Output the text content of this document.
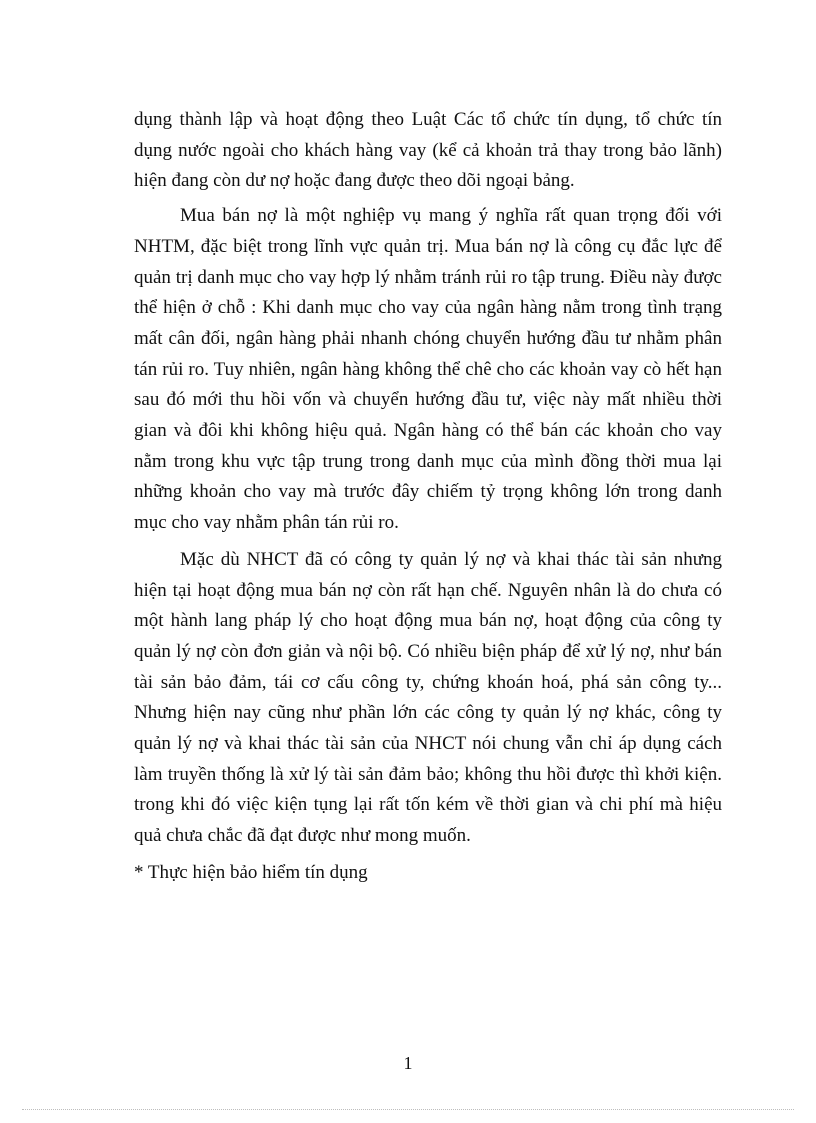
dụng thành lập và hoạt động theo Luật Các tổ chức tín dụng, tổ chức tín dụng nước ngoài cho khách hàng vay (kể cả khoản trả thay trong bảo lãnh) hiện đang còn dư nợ hoặc đang được theo dõi ngoại bảng.

Mua bán nợ là một nghiệp vụ mang ý nghĩa rất quan trọng đối với NHTM, đặc biệt trong lĩnh vực quản trị. Mua bán nợ là công cụ đắc lực để quản trị danh mục cho vay hợp lý nhằm tránh rủi ro tập trung. Điều này được thể hiện ở chỗ : Khi danh mục cho vay của ngân hàng nằm trong tình trạng mất cân đối, ngân hàng phải nhanh chóng chuyển hướng đầu tư nhằm phân tán rủi ro. Tuy nhiên, ngân hàng không thể chê cho các khoản vay cò hết hạn sau đó mới thu hồi vốn và chuyển hướng đầu tư, việc này mất nhiều thời gian và đôi khi không hiệu quả. Ngân hàng có thể bán các khoản cho vay nằm trong khu vực tập trung trong danh mục của mình đồng thời mua lại những khoản cho vay mà trước đây chiếm tỷ trọng không lớn trong danh mục cho vay nhằm phân tán rủi ro.

Mặc dù NHCT đã có công ty quản lý nợ và khai thác tài sản nhưng hiện tại hoạt động mua bán nợ còn rất hạn chế. Nguyên nhân là do chưa có một hành lang pháp lý cho hoạt động mua bán nợ, hoạt động của công ty quản lý nợ còn đơn giản và nội bộ. Có nhiều biện pháp để xử lý nợ, như bán tài sản bảo đảm, tái cơ cấu công ty, chứng khoán hoá, phá sản công ty... Nhưng hiện nay cũng như phần lớn các công ty quản lý nợ khác, công ty quản lý nợ và khai thác tài sản của NHCT nói chung vẫn chỉ áp dụng cách làm truyền thống là xử lý tài sản đảm bảo; không thu hồi được thì khởi kiện. trong khi đó việc kiện tụng lại rất tốn kém về thời gian và chi phí mà hiệu quả chưa chắc đã đạt được như mong muốn.

* Thực hiện bảo hiểm tín dụng

1
